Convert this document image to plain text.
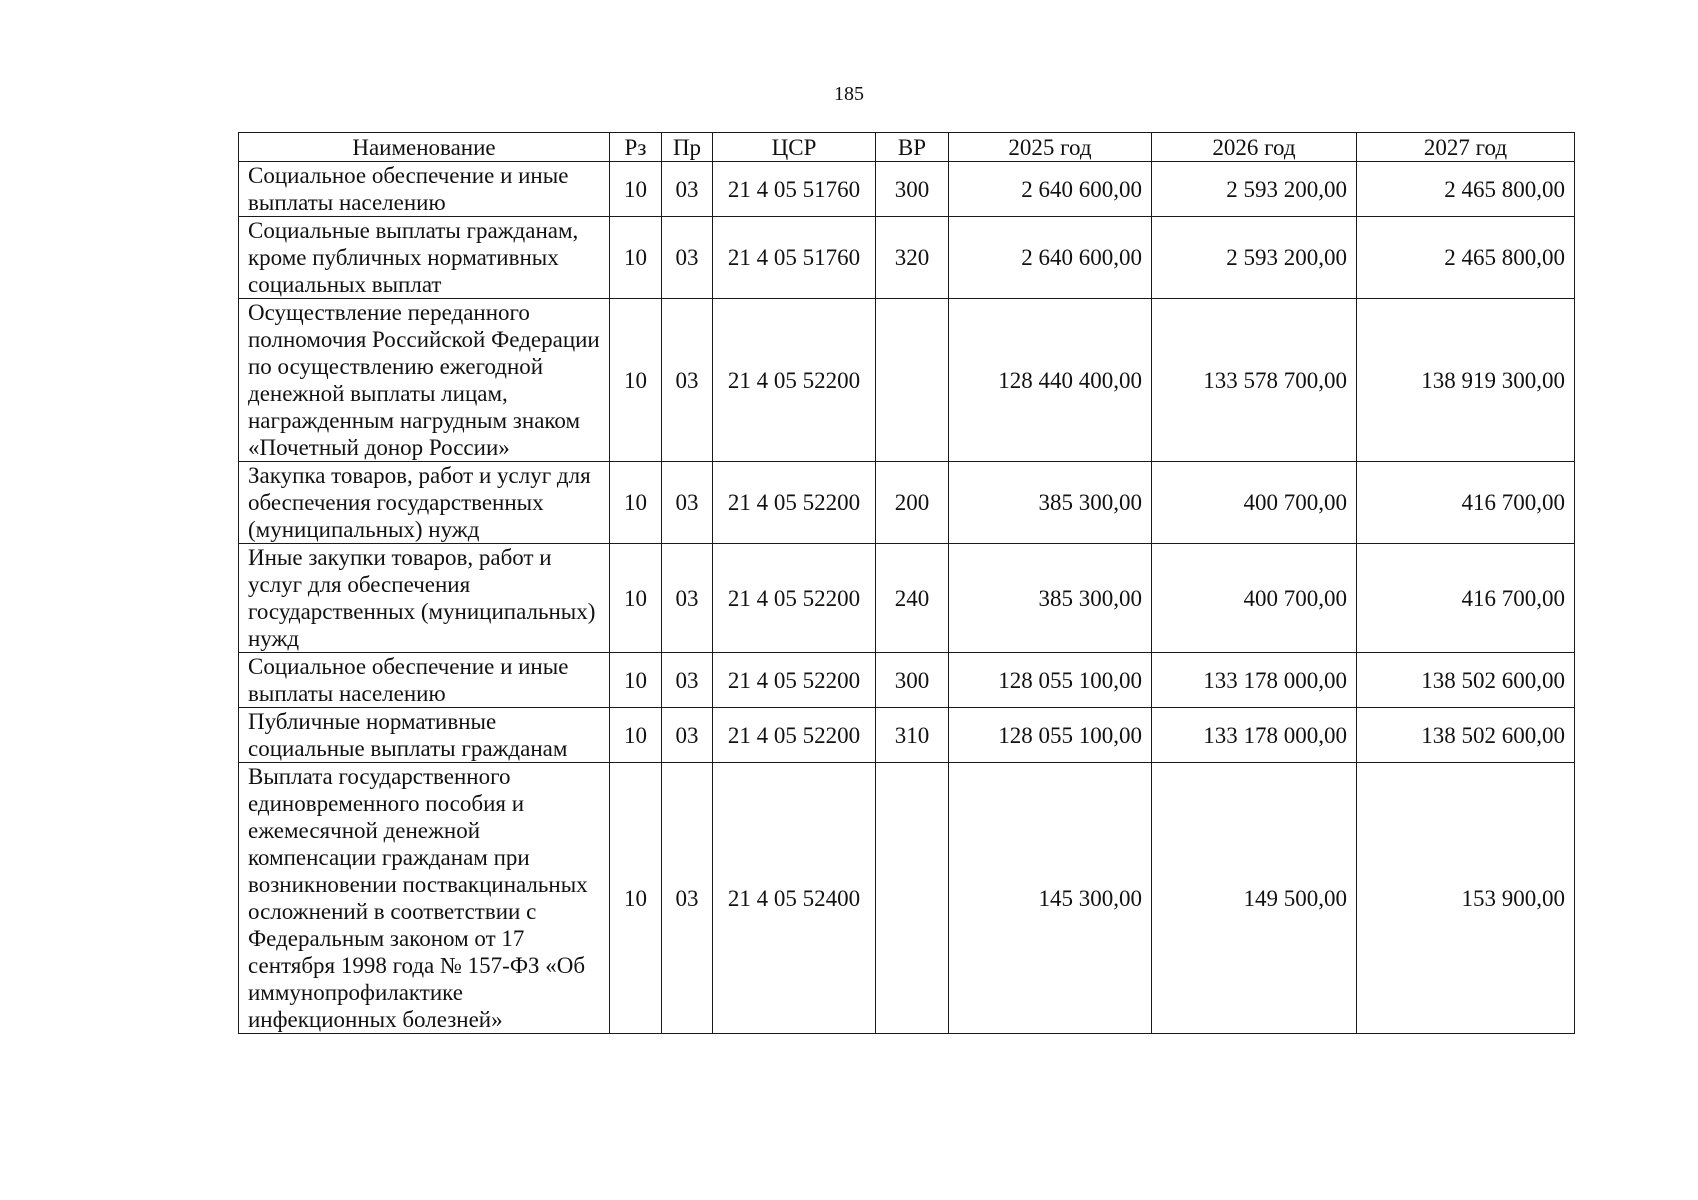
185
Наименование	Рз	Пр	ЦСР	ВР	2025 год	2026 год	2027 год
Социальное обеспечение и иные выплаты населению	10	03	21 4 05 51760	300	2 640 600,00	2 593 200,00	2 465 800,00
Социальные выплаты гражданам, кроме публичных нормативных социальных выплат	10	03	21 4 05 51760	320	2 640 600,00	2 593 200,00	2 465 800,00
Осуществление переданного полномочия Российской Федерации по осуществлению ежегодной денежной выплаты лицам, награжденным нагрудным знаком «Почетный донор России»	10	03	21 4 05 52200		128 440 400,00	133 578 700,00	138 919 300,00
Закупка товаров, работ и услуг для обеспечения государственных (муниципальных) нужд	10	03	21 4 05 52200	200	385 300,00	400 700,00	416 700,00
Иные закупки товаров, работ и услуг для обеспечения государственных (муниципальных) нужд	10	03	21 4 05 52200	240	385 300,00	400 700,00	416 700,00
Социальное обеспечение и иные выплаты населению	10	03	21 4 05 52200	300	128 055 100,00	133 178 000,00	138 502 600,00
Публичные нормативные социальные выплаты гражданам	10	03	21 4 05 52200	310	128 055 100,00	133 178 000,00	138 502 600,00
Выплата государственного единовременного пособия и ежемесячной денежной компенсации гражданам при возникновении поствакцинальных осложнений в соответствии с Федеральным законом от 17 сентября 1998 года № 157-ФЗ «Об иммунопрофилактике инфекционных болезней»	10	03	21 4 05 52400		145 300,00	149 500,00	153 900,00
